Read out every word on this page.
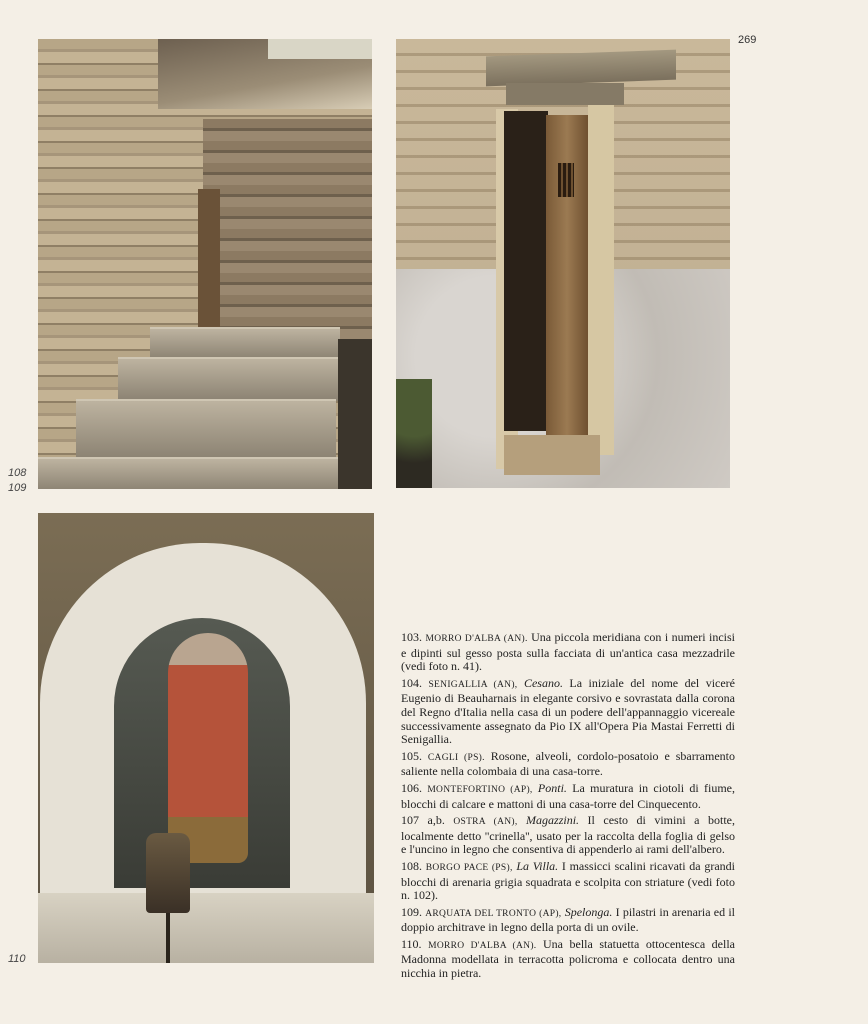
269
108
109
110

103. MORRO D'ALBA (AN). Una piccola meridiana con i numeri incisi e dipinti sul gesso posta sulla facciata di un'antica casa mezzadrile (vedi foto n. 41).

104. SENIGALLIA (AN), Cesano. La iniziale del nome del viceré Eugenio di Beauharnais in elegante corsivo e sovrastata dalla corona del Regno d'Italia nella casa di un podere dell'appannaggio vicereale successivamente assegnato da Pio IX all'Opera Pia Mastai Ferretti di Senigallia.

105. CAGLI (PS). Rosone, alveoli, cordolo-posatoio e sbarramento saliente nella colombaia di una casa-torre.

106. MONTEFORTINO (AP), Ponti. La muratura in ciotoli di fiume, blocchi di calcare e mattoni di una casa-torre del Cinquecento.

107 a,b. OSTRA (AN), Magazzini. Il cesto di vimini a botte, localmente detto ''crinella'', usato per la raccolta della foglia di gelso e l'uncino in legno che consentiva di appenderlo ai rami dell'albero.

108. BORGO PACE (PS), La Villa. I massicci scalini ricavati da grandi blocchi di arenaria grigia squadrata e scolpita con striature (vedi foto n. 102).

109. ARQUATA DEL TRONTO (AP), Spelonga. I pilastri in arenaria ed il doppio architrave in legno della porta di un ovile.

110. MORRO D'ALBA (AN). Una bella statuetta ottocentesca della Madonna modellata in terracotta policroma e collocata dentro una nicchia in pietra.
